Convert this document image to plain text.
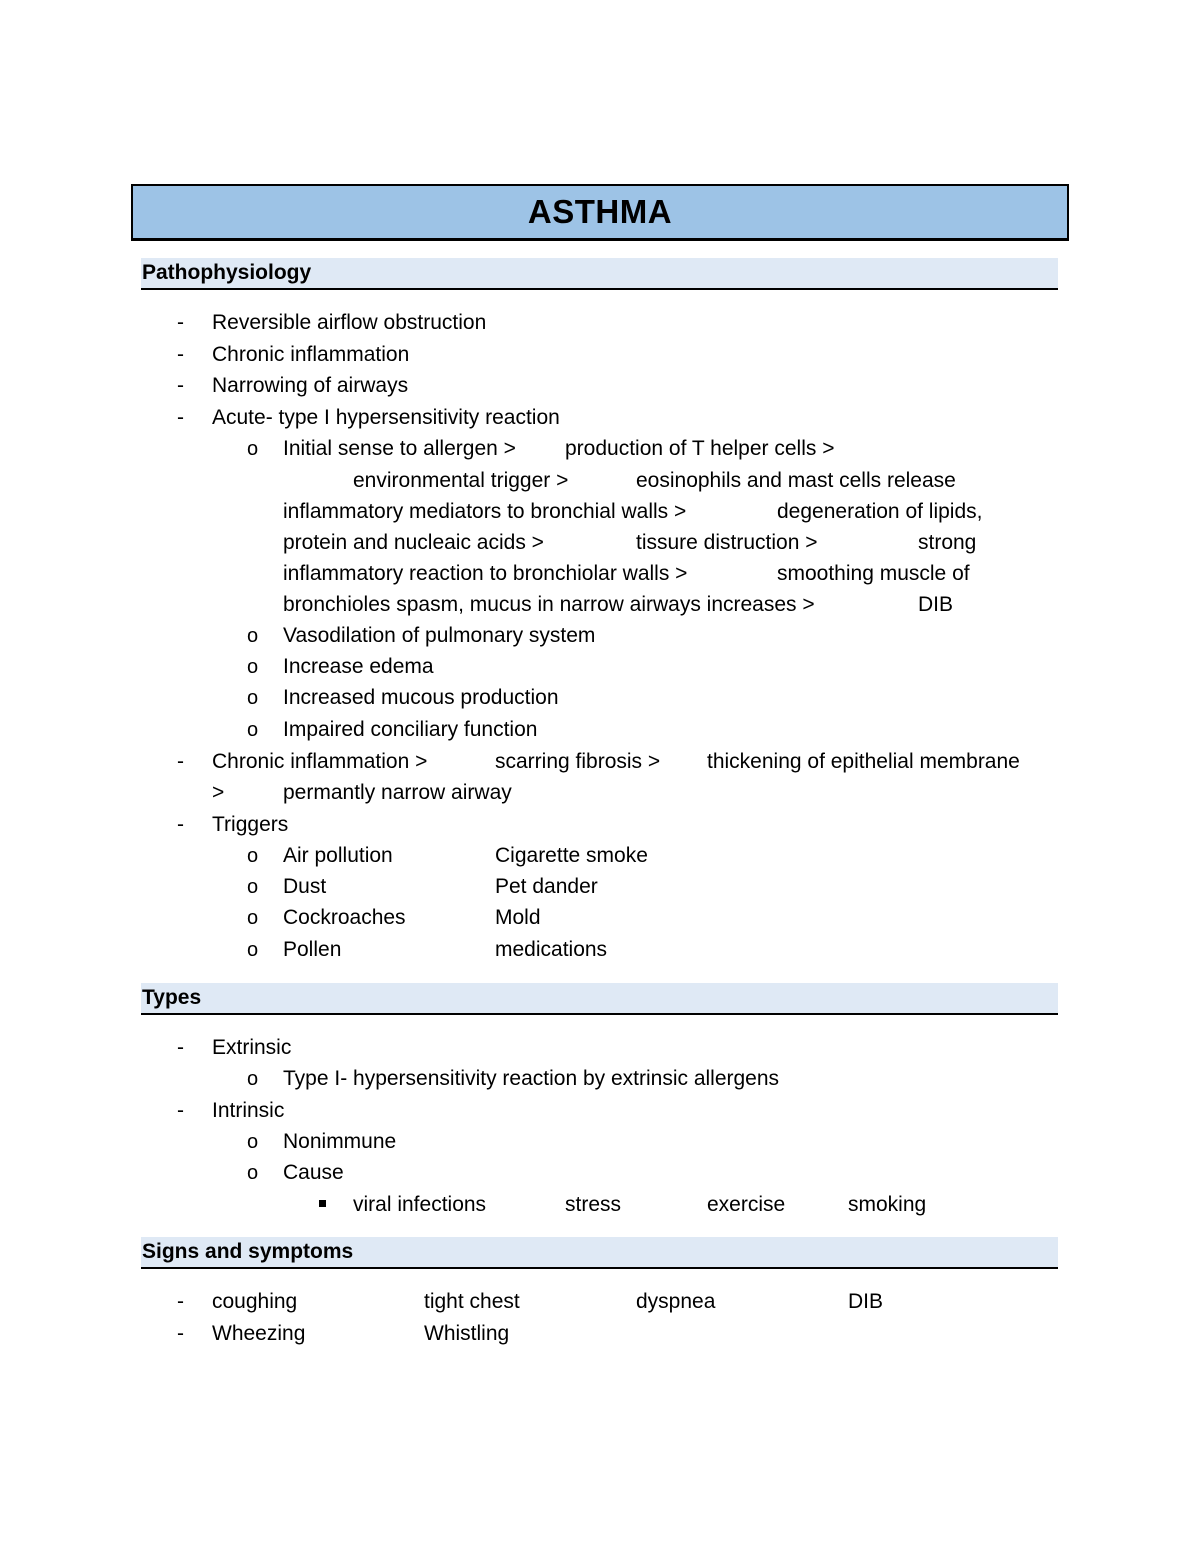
ASTHMA
Pathophysiology
- Reversible airflow obstruction
- Chronic inflammation
- Narrowing of airways
- Acute- type I hypersensitivity reaction
o Initial sense to allergen > production of T helper cells >
environmental trigger >	eosinophils and mast cells release
inflammatory mediators to bronchial walls >	degeneration of lipids,
protein and nucleaic acids >	tissure distruction >	strong
inflammatory reaction to bronchiolar walls >	smoothing muscle of
bronchioles spasm, mucus in narrow airways increases >	DIB
o Vasodilation of pulmonary system
o Increase edema
o Increased mucous production
o Impaired conciliary function
- Chronic inflammation >	scarring fibrosis > thickening of epithelial membrane
>	permantly narrow airway
- Triggers
o Air pollution	Cigarette smoke
o Dust	Pet dander
o Cockroaches	Mold
o Pollen	medications
Types
- Extrinsic
o Type I- hypersensitivity reaction by extrinsic allergens
- Intrinsic
o Nonimmune
o Cause
viral infections	stress	exercise	smoking
Signs and symptoms
- coughing	tight chest	dyspnea	DIB
- Wheezing	Whistling
